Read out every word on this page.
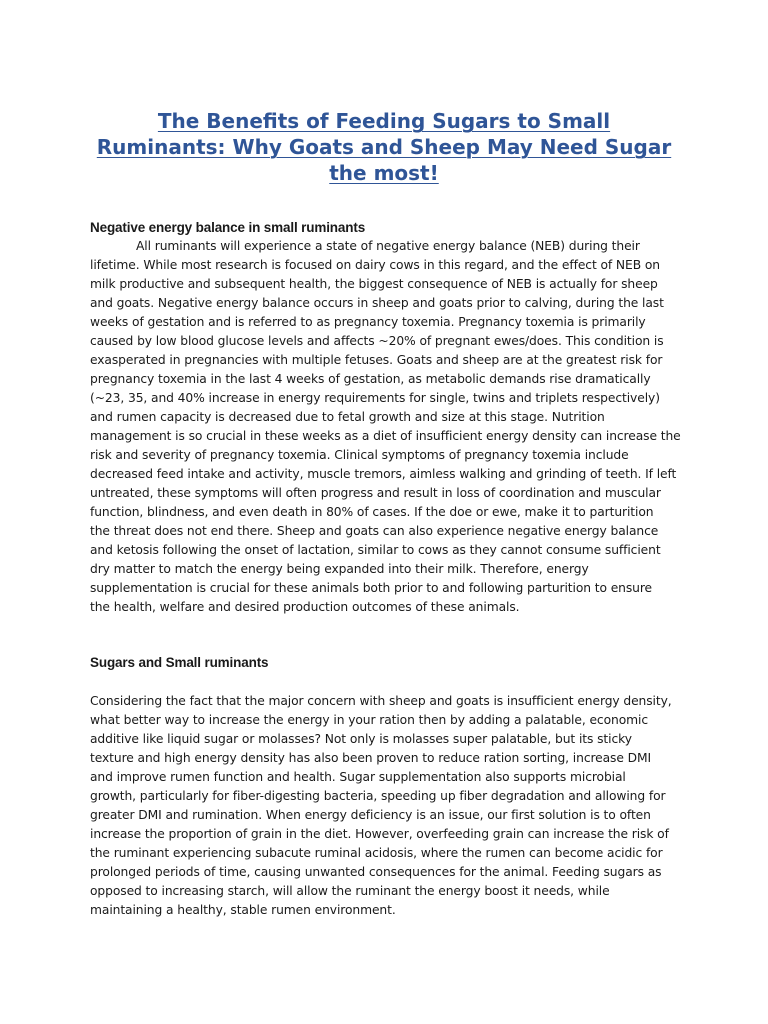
The Benefits of Feeding Sugars to Small
Ruminants: Why Goats and Sheep May Need Sugar
the most!
Negative energy balance in small ruminants
All ruminants will experience a state of negative energy balance (NEB) during their
lifetime. While most research is focused on dairy cows in this regard, and the effect of NEB on
milk productive and subsequent health, the biggest consequence of NEB is actually for sheep
and goats. Negative energy balance occurs in sheep and goats prior to calving, during the last
weeks of gestation and is referred to as pregnancy toxemia. Pregnancy toxemia is primarily
caused by low blood glucose levels and affects ~20% of pregnant ewes/does. This condition is
exasperated in pregnancies with multiple fetuses. Goats and sheep are at the greatest risk for
pregnancy toxemia in the last 4 weeks of gestation, as metabolic demands rise dramatically
(~23, 35, and 40% increase in energy requirements for single, twins and triplets respectively)
and rumen capacity is decreased due to fetal growth and size at this stage. Nutrition
management is so crucial in these weeks as a diet of insufficient energy density can increase the
risk and severity of pregnancy toxemia. Clinical symptoms of pregnancy toxemia include
decreased feed intake and activity, muscle tremors, aimless walking and grinding of teeth. If left
untreated, these symptoms will often progress and result in loss of coordination and muscular
function, blindness, and even death in 80% of cases. If the doe or ewe, make it to parturition
the threat does not end there. Sheep and goats can also experience negative energy balance
and ketosis following the onset of lactation, similar to cows as they cannot consume sufficient
dry matter to match the energy being expanded into their milk. Therefore, energy
supplementation is crucial for these animals both prior to and following parturition to ensure
the health, welfare and desired production outcomes of these animals.
Sugars and Small ruminants
Considering the fact that the major concern with sheep and goats is insufficient energy density,
what better way to increase the energy in your ration then by adding a palatable, economic
additive like liquid sugar or molasses? Not only is molasses super palatable, but its sticky
texture and high energy density has also been proven to reduce ration sorting, increase DMI
and improve rumen function and health. Sugar supplementation also supports microbial
growth, particularly for fiber-digesting bacteria, speeding up fiber degradation and allowing for
greater DMI and rumination. When energy deficiency is an issue, our first solution is to often
increase the proportion of grain in the diet. However, overfeeding grain can increase the risk of
the ruminant experiencing subacute ruminal acidosis, where the rumen can become acidic for
prolonged periods of time, causing unwanted consequences for the animal. Feeding sugars as
opposed to increasing starch, will allow the ruminant the energy boost it needs, while
maintaining a healthy, stable rumen environment.
